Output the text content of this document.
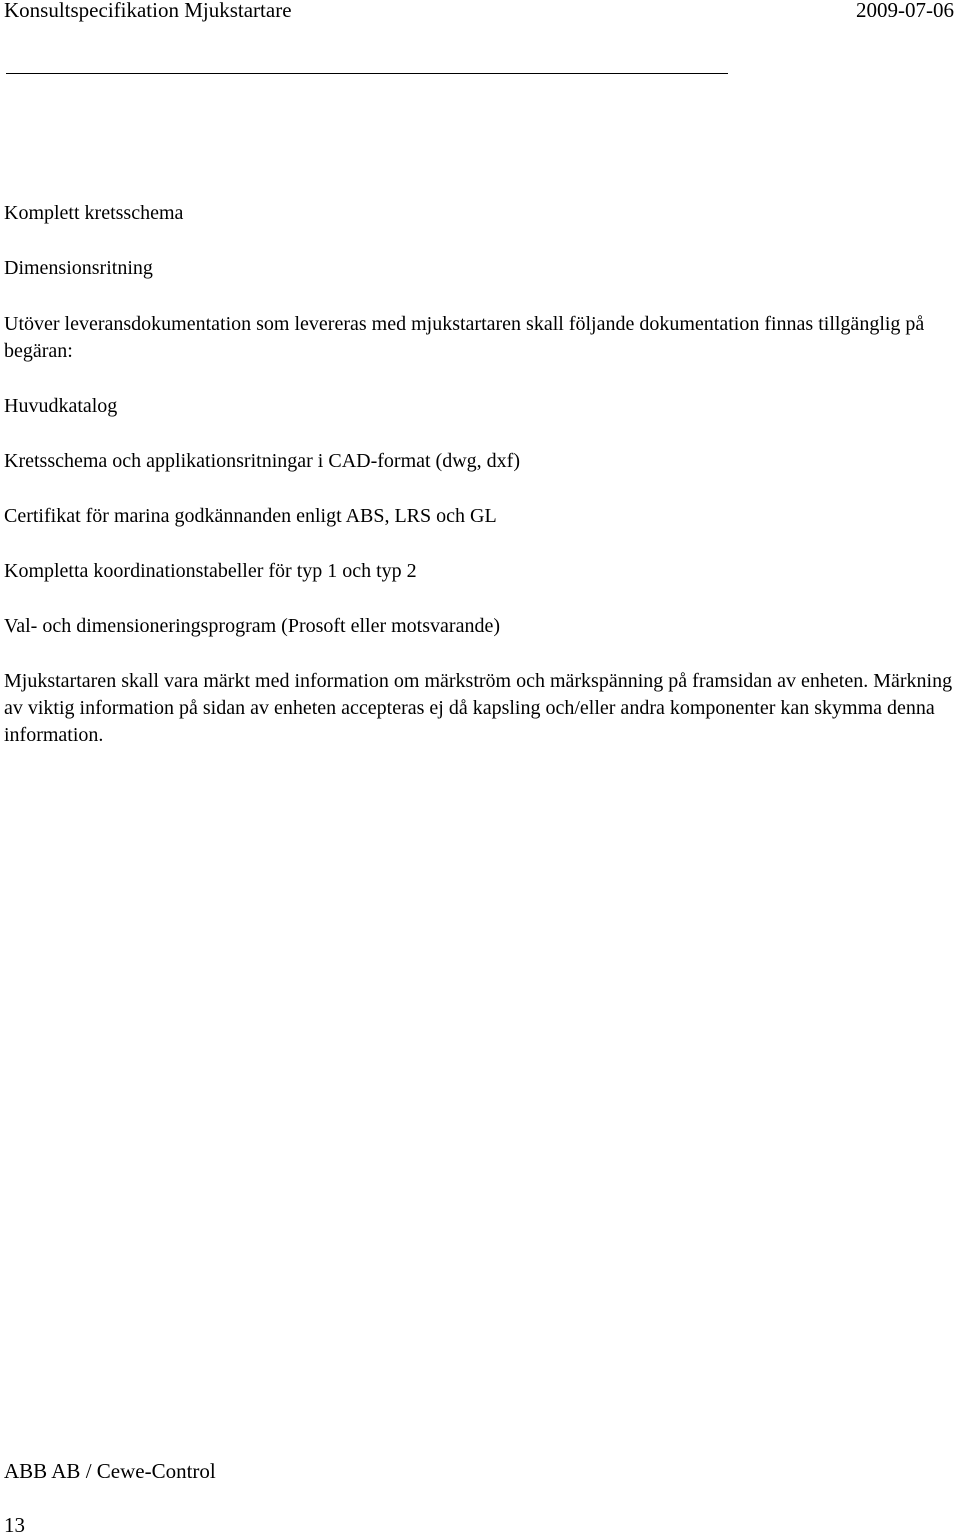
Konsultspecifikation Mjukstartare	2009-07-06

Komplett kretsschema

Dimensionsritning

Utöver leveransdokumentation som levereras med mjukstartaren skall följande dokumentation finnas tillgänglig på begäran:

Huvudkatalog

Kretsschema och applikationsritningar i CAD-format (dwg, dxf)

Certifikat för marina godkännanden enligt ABS, LRS och GL

Kompletta koordinationstabeller för typ 1 och typ 2

Val- och dimensioneringsprogram (Prosoft eller motsvarande)

Mjukstartaren skall vara märkt med information om märkström och märkspänning på framsidan av enheten. Märkning av viktig information på sidan av enheten accepteras ej då kapsling och/eller andra komponenter kan skymma denna information.

ABB AB / Cewe-Control
13
